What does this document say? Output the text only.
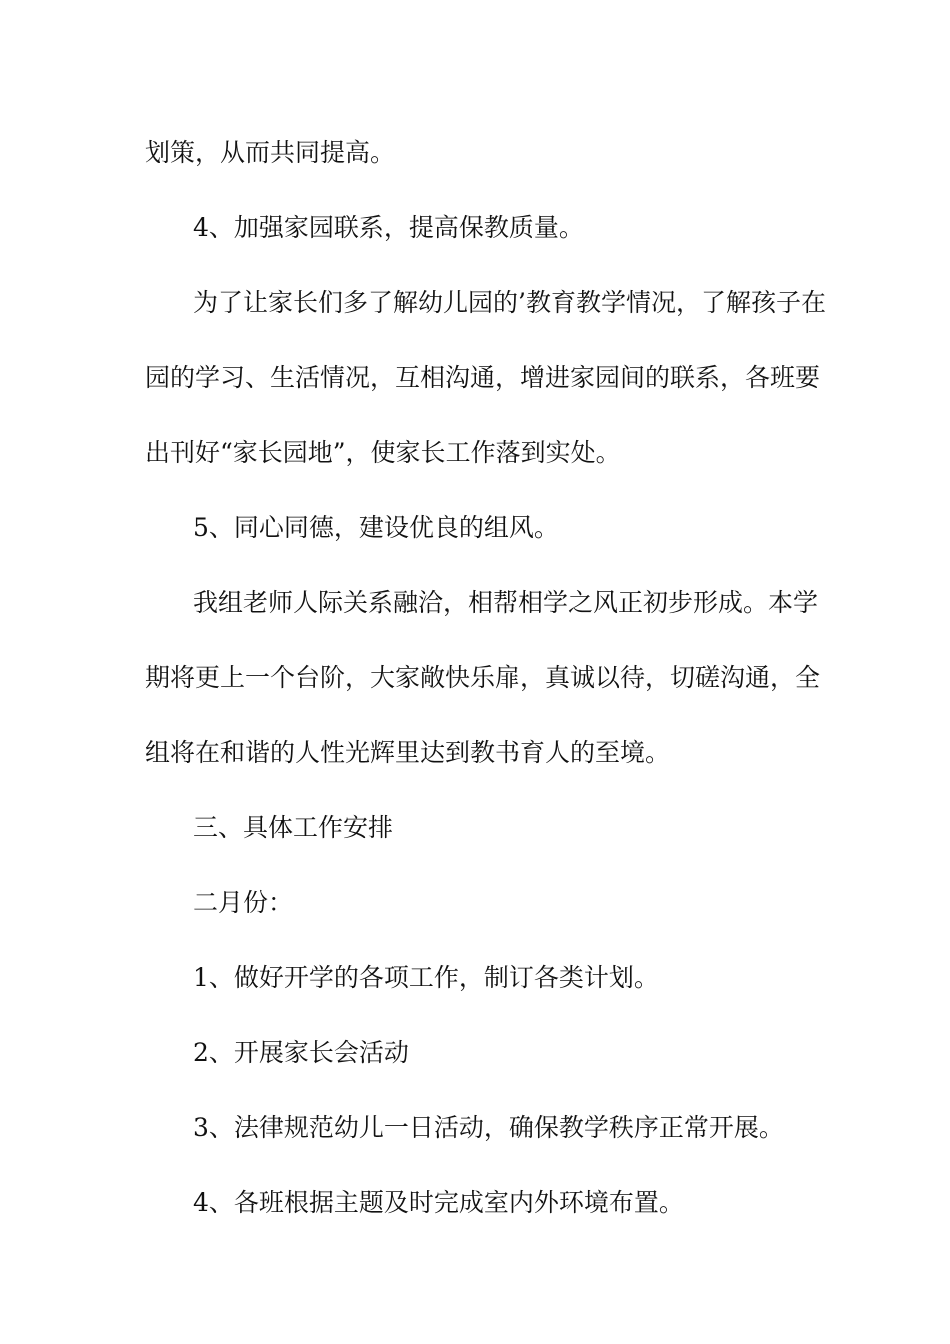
划策，从而共同提高。
4、加强家园联系，提高保教质量。
为了让家长们多了解幼儿园的’教育教学情况，了解孩子在
园的学习、生活情况，互相沟通，增进家园间的联系，各班要
出刊好“家长园地”，使家长工作落到实处。
5、同心同德，建设优良的组风。
我组老师人际关系融洽，相帮相学之风正初步形成。本学
期将更上一个台阶，大家敞快乐扉，真诚以待，切磋沟通，全
组将在和谐的人性光辉里达到教书育人的至境。
三、具体工作安排
二月份：
1、做好开学的各项工作，制订各类计划。
2、开展家长会活动
3、法律规范幼儿一日活动，确保教学秩序正常开展。
4、各班根据主题及时完成室内外环境布置。
